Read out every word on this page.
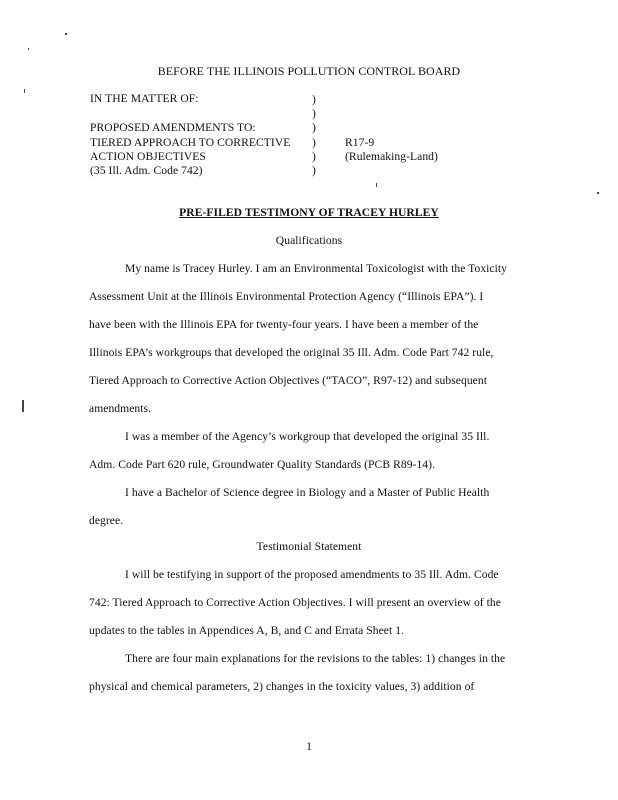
BEFORE THE ILLINOIS POLLUTION CONTROL BOARD
IN THE MATTER OF:
PROPOSED AMENDMENTS TO:
TIERED APPROACH TO CORRECTIVE
ACTION OBJECTIVES
(35 Ill. Adm. Code 742)
)
)
)
)
)
)
R17-9
(Rulemaking-Land)
PRE-FILED TESTIMONY OF TRACEY HURLEY
Qualifications
My name is Tracey Hurley. I am an Environmental Toxicologist with the Toxicity
Assessment Unit at the Illinois Environmental Protection Agency (“Illinois EPA”). I
have been with the Illinois EPA for twenty-four years. I have been a member of the
Illinois EPA’s workgroups that developed the original 35 Ill. Adm. Code Part 742 rule,
Tiered Approach to Corrective Action Objectives (“TACO”, R97-12) and subsequent
amendments.
I was a member of the Agency’s workgroup that developed the original 35 Ill.
Adm. Code Part 620 rule, Groundwater Quality Standards (PCB R89-14).
I have a Bachelor of Science degree in Biology and a Master of Public Health
degree.
Testimonial Statement
I will be testifying in support of the proposed amendments to 35 Ill. Adm. Code
742: Tiered Approach to Corrective Action Objectives. I will present an overview of the
updates to the tables in Appendices A, B, and C and Errata Sheet 1.
There are four main explanations for the revisions to the tables: 1) changes in the
physical and chemical parameters, 2) changes in the toxicity values, 3) addition of
1
